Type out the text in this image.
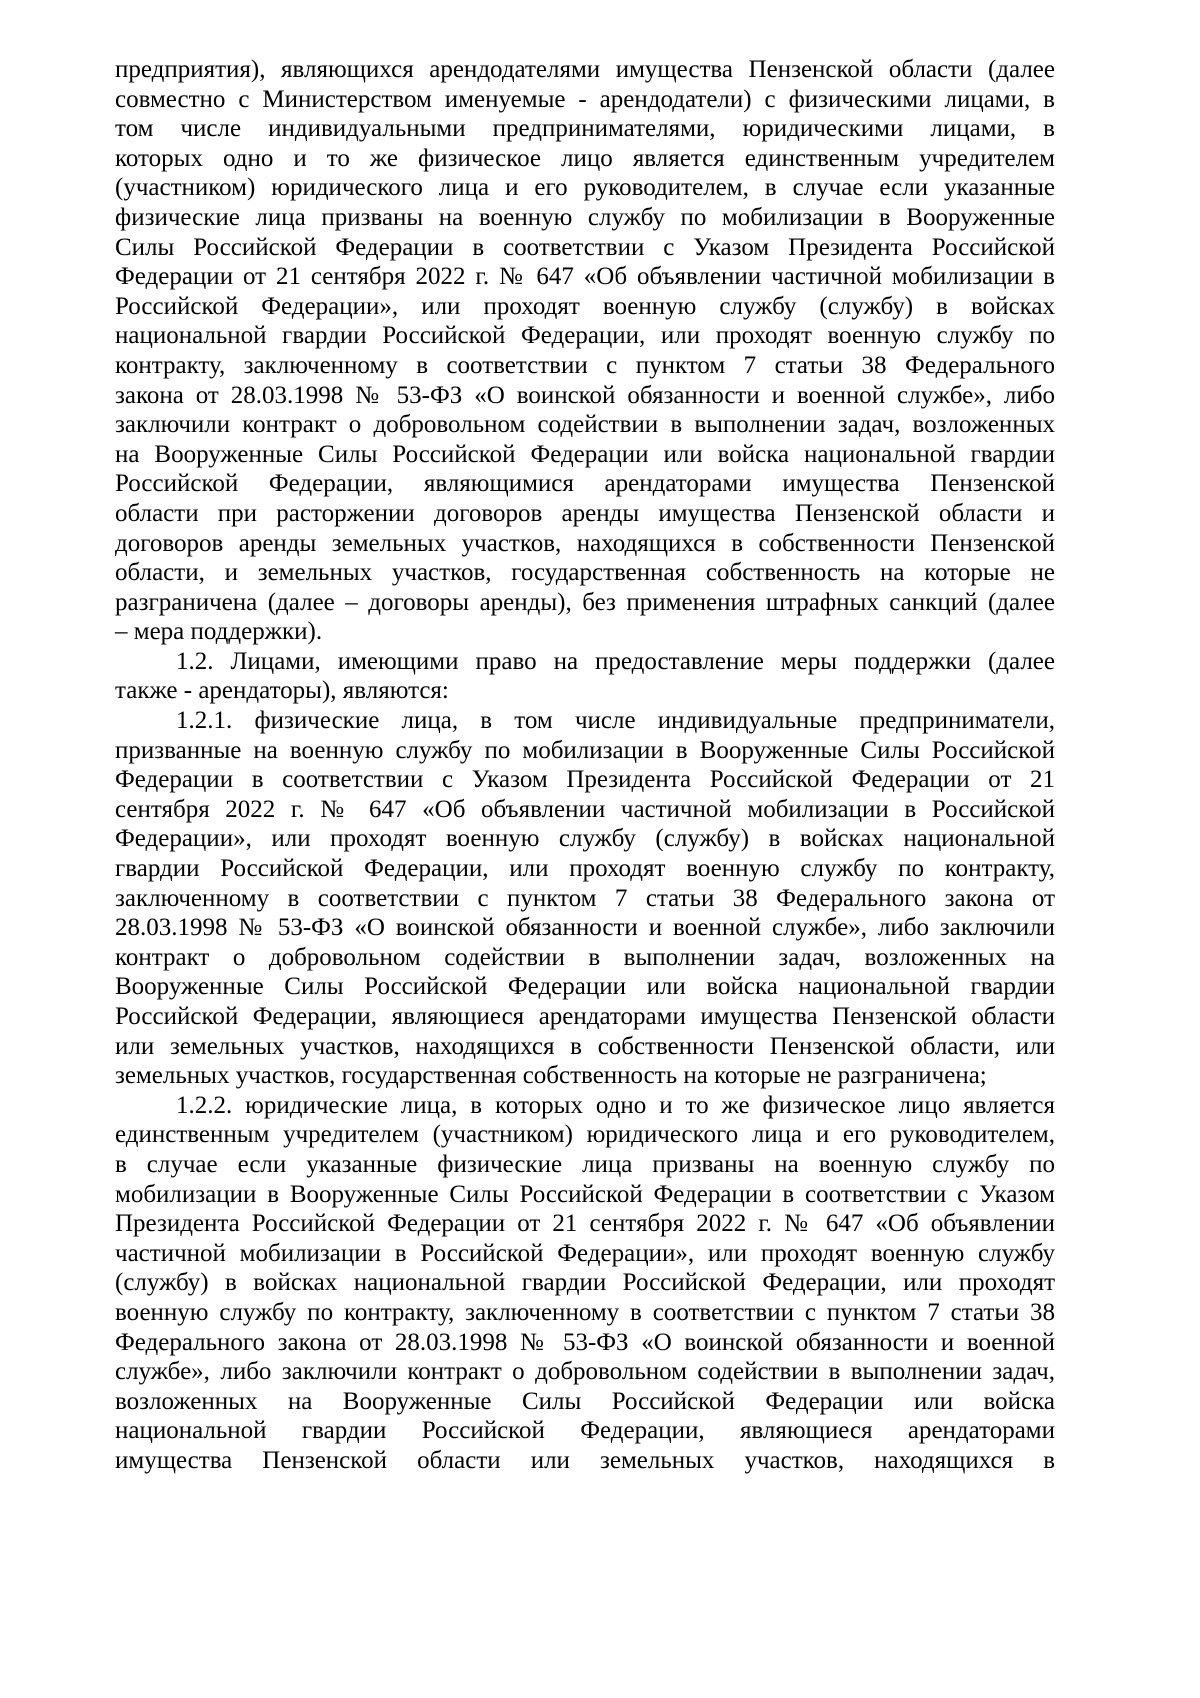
предприятия), являющихся арендодателями имущества Пензенской области (далее
совместно с Министерством именуемые - арендодатели) с физическими лицами, в
том числе индивидуальными предпринимателями, юридическими лицами, в
которых одно и то же физическое лицо является единственным учредителем
(участником) юридического лица и его руководителем, в случае если указанные
физические лица призваны на военную службу по мобилизации в Вооруженные
Силы Российской Федерации в соответствии с Указом Президента Российской
Федерации от 21 сентября 2022 г. № 647 «Об объявлении частичной мобилизации в
Российской Федерации», или проходят военную службу (службу) в войсках
национальной гвардии Российской Федерации, или проходят военную службу по
контракту, заключенному в соответствии с пунктом 7 статьи 38 Федерального
закона от 28.03.1998 № 53-ФЗ «О воинской обязанности и военной службе», либо
заключили контракт о добровольном содействии в выполнении задач, возложенных
на Вооруженные Силы Российской Федерации или войска национальной гвардии
Российской Федерации, являющимися арендаторами имущества Пензенской
области при расторжении договоров аренды имущества Пензенской области и
договоров аренды земельных участков, находящихся в собственности Пензенской
области, и земельных участков, государственная собственность на которые не
разграничена (далее – договоры аренды), без применения штрафных санкций (далее
– мера поддержки).
1.2. Лицами, имеющими право на предоставление меры поддержки (далее
также - арендаторы), являются:
1.2.1. физические лица, в том числе индивидуальные предприниматели,
призванные на военную службу по мобилизации в Вооруженные Силы Российской
Федерации в соответствии с Указом Президента Российской Федерации от 21
сентября 2022 г. № 647 «Об объявлении частичной мобилизации в Российской
Федерации», или проходят военную службу (службу) в войсках национальной
гвардии Российской Федерации, или проходят военную службу по контракту,
заключенному в соответствии с пунктом 7 статьи 38 Федерального закона от
28.03.1998 № 53-ФЗ «О воинской обязанности и военной службе», либо заключили
контракт о добровольном содействии в выполнении задач, возложенных на
Вооруженные Силы Российской Федерации или войска национальной гвардии
Российской Федерации, являющиеся арендаторами имущества Пензенской области
или земельных участков, находящихся в собственности Пензенской области, или
земельных участков, государственная собственность на которые не разграничена;
1.2.2. юридические лица, в которых одно и то же физическое лицо является
единственным учредителем (участником) юридического лица и его руководителем,
в случае если указанные физические лица призваны на военную службу по
мобилизации в Вооруженные Силы Российской Федерации в соответствии с Указом
Президента Российской Федерации от 21 сентября 2022 г. № 647 «Об объявлении
частичной мобилизации в Российской Федерации», или проходят военную службу
(службу) в войсках национальной гвардии Российской Федерации, или проходят
военную службу по контракту, заключенному в соответствии с пунктом 7 статьи 38
Федерального закона от 28.03.1998 № 53-ФЗ «О воинской обязанности и военной
службе», либо заключили контракт о добровольном содействии в выполнении задач,
возложенных на Вооруженные Силы Российской Федерации или войска
национальной гвардии Российской Федерации, являющиеся арендаторами
имущества Пензенской области или земельных участков, находящихся в
